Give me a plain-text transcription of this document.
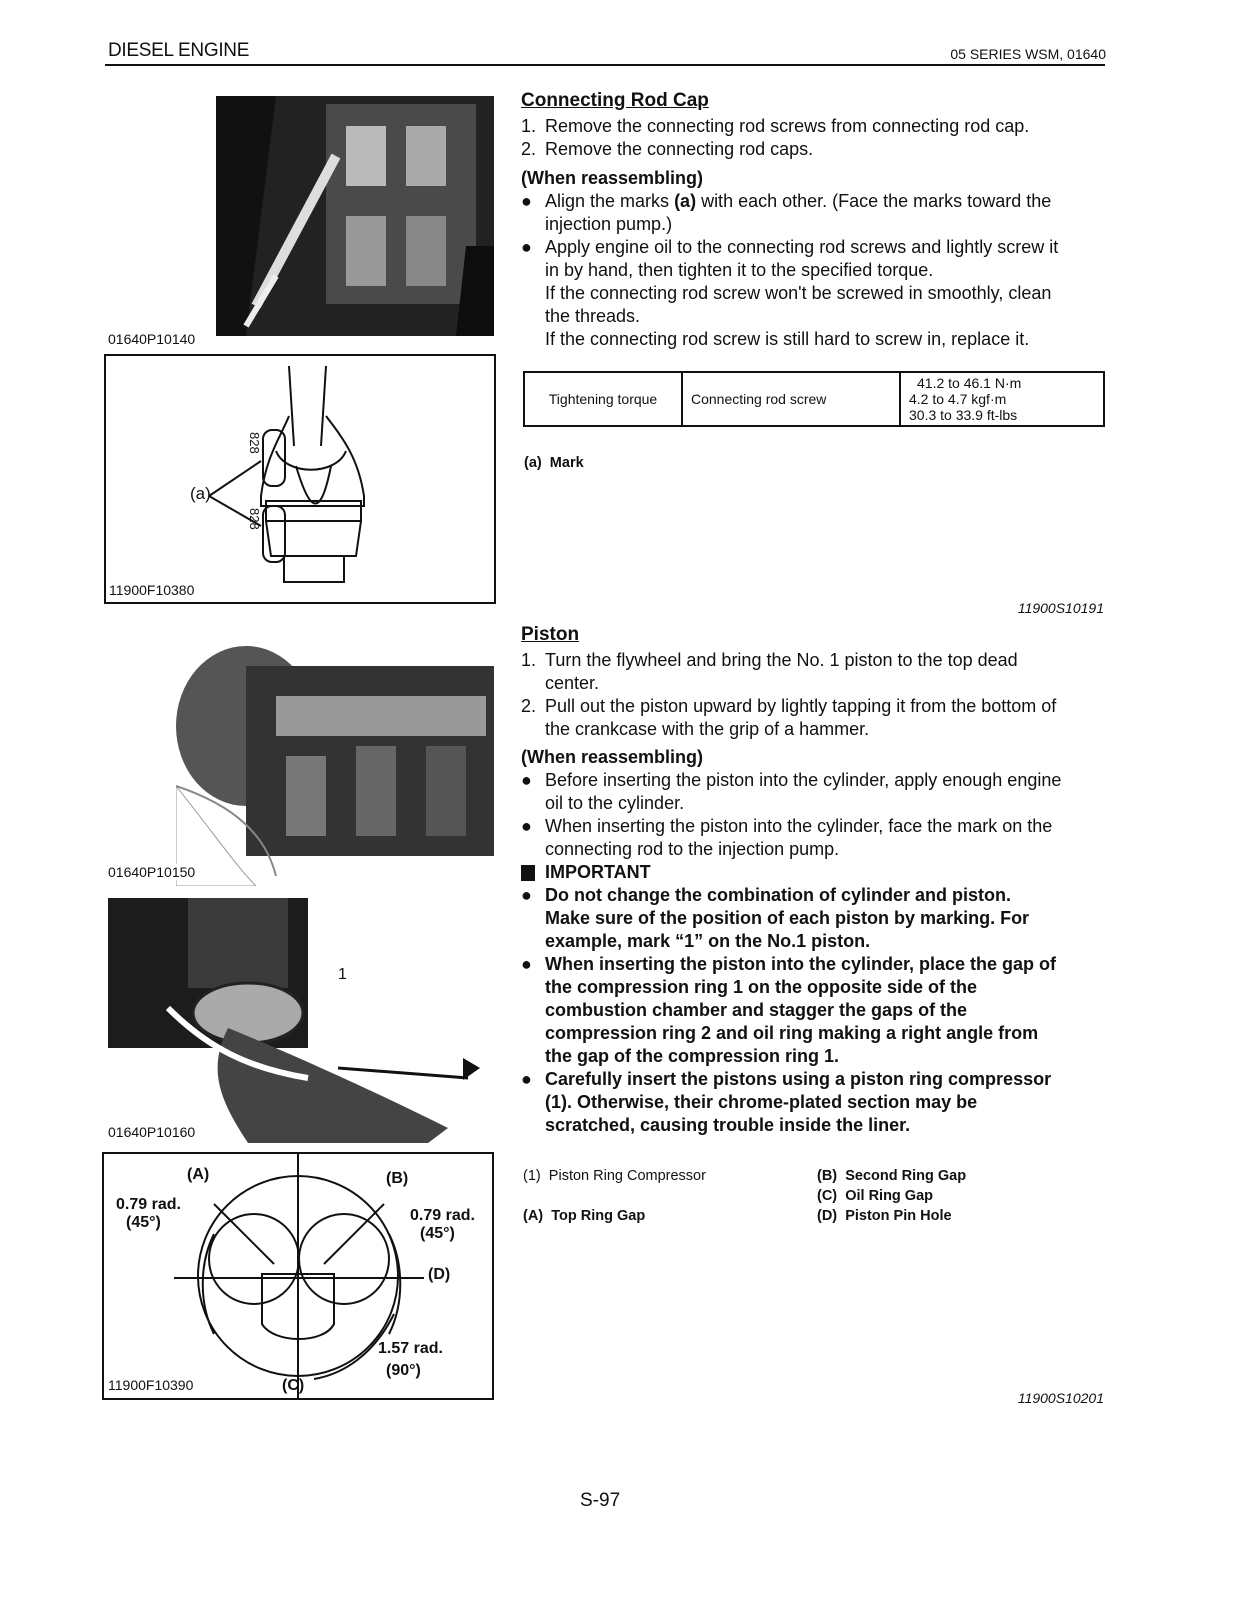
DIESEL ENGINE	05 SERIES WSM, 01640
01640P10140
828
828
(a)
11900F10380
01640P10150
1
01640P10160
(A)	(B)
(C)
(D)
0.79 rad.
(45°)	0.79 rad.
(45°)
1.57 rad.
(90°)
11900F10390
Connecting Rod Cap
1. Remove the connecting rod screws from connecting rod cap.
2. Remove the connecting rod caps.
(When reassembling)
● Align the marks (a) with each other. (Face the marks toward the
injection pump.)
● Apply engine oil to the connecting rod screws and lightly screw it
in by hand, then tighten it to the specified torque.
If the connecting rod screw won't be screwed in smoothly, clean
the threads.
If the connecting rod screw is still hard to screw in, replace it.
Tightening torque	Connecting rod screw	
41.2 to 46.1 N·m
4.2 to 4.7 kgf·m
30.3 to 33.9 ft-lbs
(a) Mark
11900S10191
Piston
1. Turn the flywheel and bring the No. 1 piston to the top dead
center.
2. Pull out the piston upward by lightly tapping it from the bottom of
the crankcase with the grip of a hammer.
(When reassembling)
● Before inserting the piston into the cylinder, apply enough engine
oil to the cylinder.
● When inserting the piston into the cylinder, face the mark on the
connecting rod to the injection pump.
IMPORTANT
● Do not change the combination of cylinder and piston.
Make sure of the position of each piston by marking. For
example, mark “1” on the No.1 piston.
● When inserting the piston into the cylinder, place the gap of
the compression ring 1 on the opposite side of the
combustion chamber and stagger the gaps of the
compression ring 2 and oil ring making a right angle from
the gap of the compression ring 1.
● Carefully insert the pistons using a piston ring compressor
(1). Otherwise, their chrome-plated section may be
scratched, causing trouble inside the liner.
(1) Piston Ring Compressor
(A) Top Ring Gap
(B) Second Ring Gap
(C) Oil Ring Gap
(D) Piston Pin Hole
11900S10201
S-97
